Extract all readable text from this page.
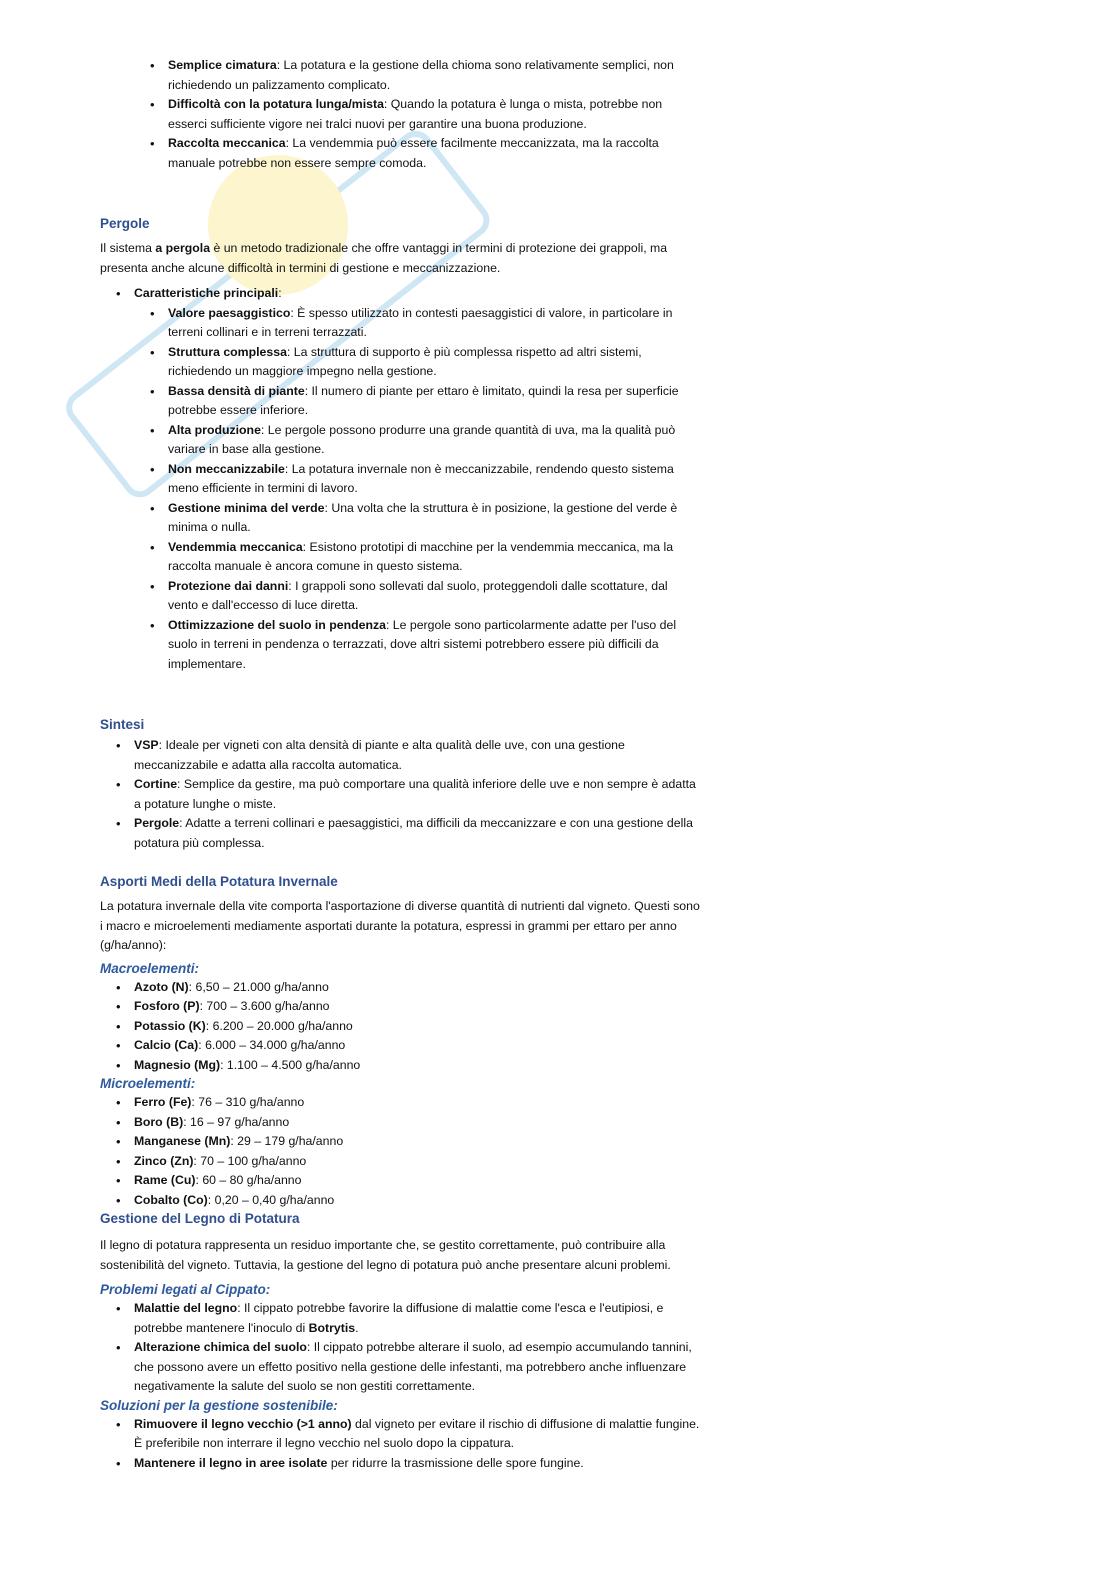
• Semplice cimatura: La potatura e la gestione della chioma sono relativamente semplici, non richiedendo un palizzamento complicato.
• Difficoltà con la potatura lunga/mista: Quando la potatura è lunga o mista, potrebbe non esserci sufficiente vigore nei tralci nuovi per garantire una buona produzione.
• Raccolta meccanica: La vendemmia può essere facilmente meccanizzata, ma la raccolta manuale potrebbe non essere sempre comoda.
Pergole

Il sistema a pergola è un metodo tradizionale che offre vantaggi in termini di protezione dei grappoli, ma presenta anche alcune difficoltà in termini di gestione e meccanizzazione.

• Caratteristiche principali:
• Valore paesaggistico: È spesso utilizzato in contesti paesaggistici di valore, in particolare in terreni collinari e in terreni terrazzati.
• Struttura complessa: La struttura di supporto è più complessa rispetto ad altri sistemi, richiedendo un maggiore impegno nella gestione.
• Bassa densità di piante: Il numero di piante per ettaro è limitato, quindi la resa per superficie potrebbe essere inferiore.
• Alta produzione: Le pergole possono produrre una grande quantità di uva, ma la qualità può variare in base alla gestione.
• Non meccanizzabile: La potatura invernale non è meccanizzabile, rendendo questo sistema meno efficiente in termini di lavoro.
• Gestione minima del verde: Una volta che la struttura è in posizione, la gestione del verde è minima o nulla.
• Vendemmia meccanica: Esistono prototipi di macchine per la vendemmia meccanica, ma la raccolta manuale è ancora comune in questo sistema.
• Protezione dai danni: I grappoli sono sollevati dal suolo, proteggendoli dalle scottature, dal vento e dall'eccesso di luce diretta.
• Ottimizzazione del suolo in pendenza: Le pergole sono particolarmente adatte per l'uso del suolo in terreni in pendenza o terrazzati, dove altri sistemi potrebbero essere più difficili da implementare.
Sintesi
• VSP: Ideale per vigneti con alta densità di piante e alta qualità delle uve, con una gestione meccanizzabile e adatta alla raccolta automatica.
• Cortine: Semplice da gestire, ma può comportare una qualità inferiore delle uve e non sempre è adatta a potature lunghe o miste.
• Pergole: Adatte a terreni collinari e paesaggistici, ma difficili da meccanizzare e con una gestione della potatura più complessa.
Asporti Medi della Potatura Invernale

La potatura invernale della vite comporta l'asportazione di diverse quantità di nutrienti dal vigneto. Questi sono i macro e microelementi mediamente asportati durante la potatura, espressi in grammi per ettaro per anno (g/ha/anno):

Macroelementi:
• Azoto (N): 6,50 – 21.000 g/ha/anno
• Fosforo (P): 700 – 3.600 g/ha/anno
• Potassio (K): 6.200 – 20.000 g/ha/anno
• Calcio (Ca): 6.000 – 34.000 g/ha/anno
• Magnesio (Mg): 1.100 – 4.500 g/ha/anno
Microelementi:
• Ferro (Fe): 76 – 310 g/ha/anno
• Boro (B): 16 – 97 g/ha/anno
• Manganese (Mn): 29 – 179 g/ha/anno
• Zinco (Zn): 70 – 100 g/ha/anno
• Rame (Cu): 60 – 80 g/ha/anno
• Cobalto (Co): 0,20 – 0,40 g/ha/anno
Gestione del Legno di Potatura

Il legno di potatura rappresenta un residuo importante che, se gestito correttamente, può contribuire alla sostenibilità del vigneto. Tuttavia, la gestione del legno di potatura può anche presentare alcuni problemi.

Problemi legati al Cippato:
• Malattie del legno: Il cippato potrebbe favorire la diffusione di malattie come l'esca e l'eutipiosi, e potrebbe mantenere l'inoculo di Botrytis.
• Alterazione chimica del suolo: Il cippato potrebbe alterare il suolo, ad esempio accumulando tannini, che possono avere un effetto positivo nella gestione delle infestanti, ma potrebbero anche influenzare negativamente la salute del suolo se non gestiti correttamente.
Soluzioni per la gestione sostenibile:
• Rimuovere il legno vecchio (>1 anno) dal vigneto per evitare il rischio di diffusione di malattie fungine. È preferibile non interrare il legno vecchio nel suolo dopo la cippatura.
• Mantenere il legno in aree isolate per ridurre la trasmissione delle spore fungine.
